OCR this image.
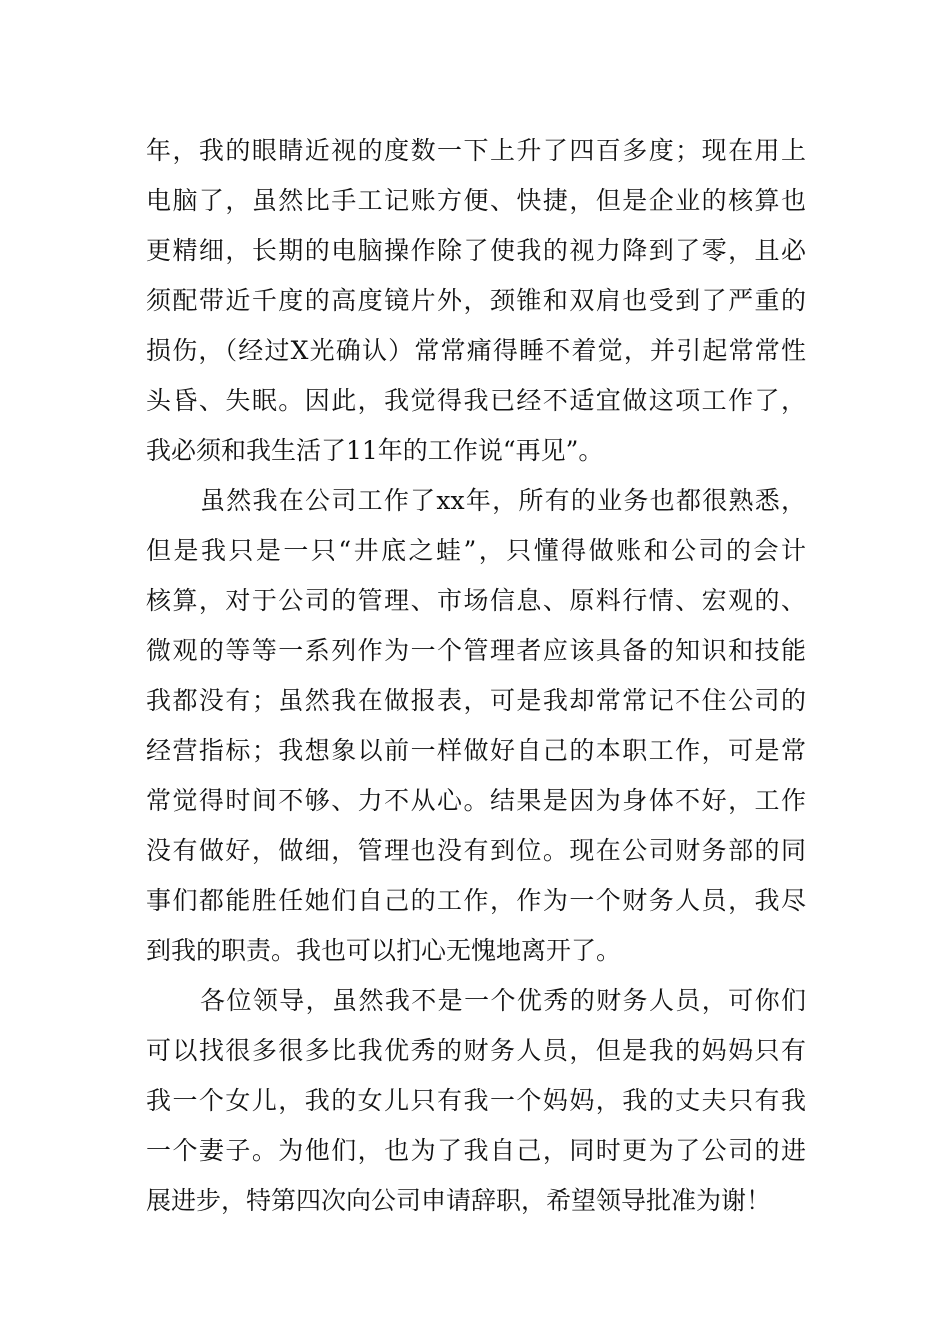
年，我的眼睛近视的度数一下上升了四百多度；现在用上
电脑了，虽然比手工记账方便、快捷，但是企业的核算也
更精细，长期的电脑操作除了使我的视力降到了零，且必
须配带近千度的高度镜片外，颈锥和双肩也受到了严重的
损伤，（经过X光确认）常常痛得睡不着觉，并引起常常性
头昏、失眠。因此，我觉得我已经不适宜做这项工作了，
我必须和我生活了11年的工作说“再见”。
虽然我在公司工作了xx年，所有的业务也都很熟悉，
但是我只是一只“井底之蛙”，只懂得做账和公司的会计
核算，对于公司的管理、市场信息、原料行情、宏观的、
微观的等等一系列作为一个管理者应该具备的知识和技能
我都没有；虽然我在做报表，可是我却常常记不住公司的
经营指标；我想象以前一样做好自己的本职工作，可是常
常觉得时间不够、力不从心。结果是因为身体不好，工作
没有做好，做细，管理也没有到位。现在公司财务部的同
事们都能胜任她们自己的工作，作为一个财务人员，我尽
到我的职责。我也可以扪心无愧地离开了。
各位领导，虽然我不是一个优秀的财务人员，可你们
可以找很多很多比我优秀的财务人员，但是我的妈妈只有
我一个女儿，我的女儿只有我一个妈妈，我的丈夫只有我
一个妻子。为他们，也为了我自己，同时更为了公司的进
展进步，特第四次向公司申请辞职，希望领导批准为谢！
